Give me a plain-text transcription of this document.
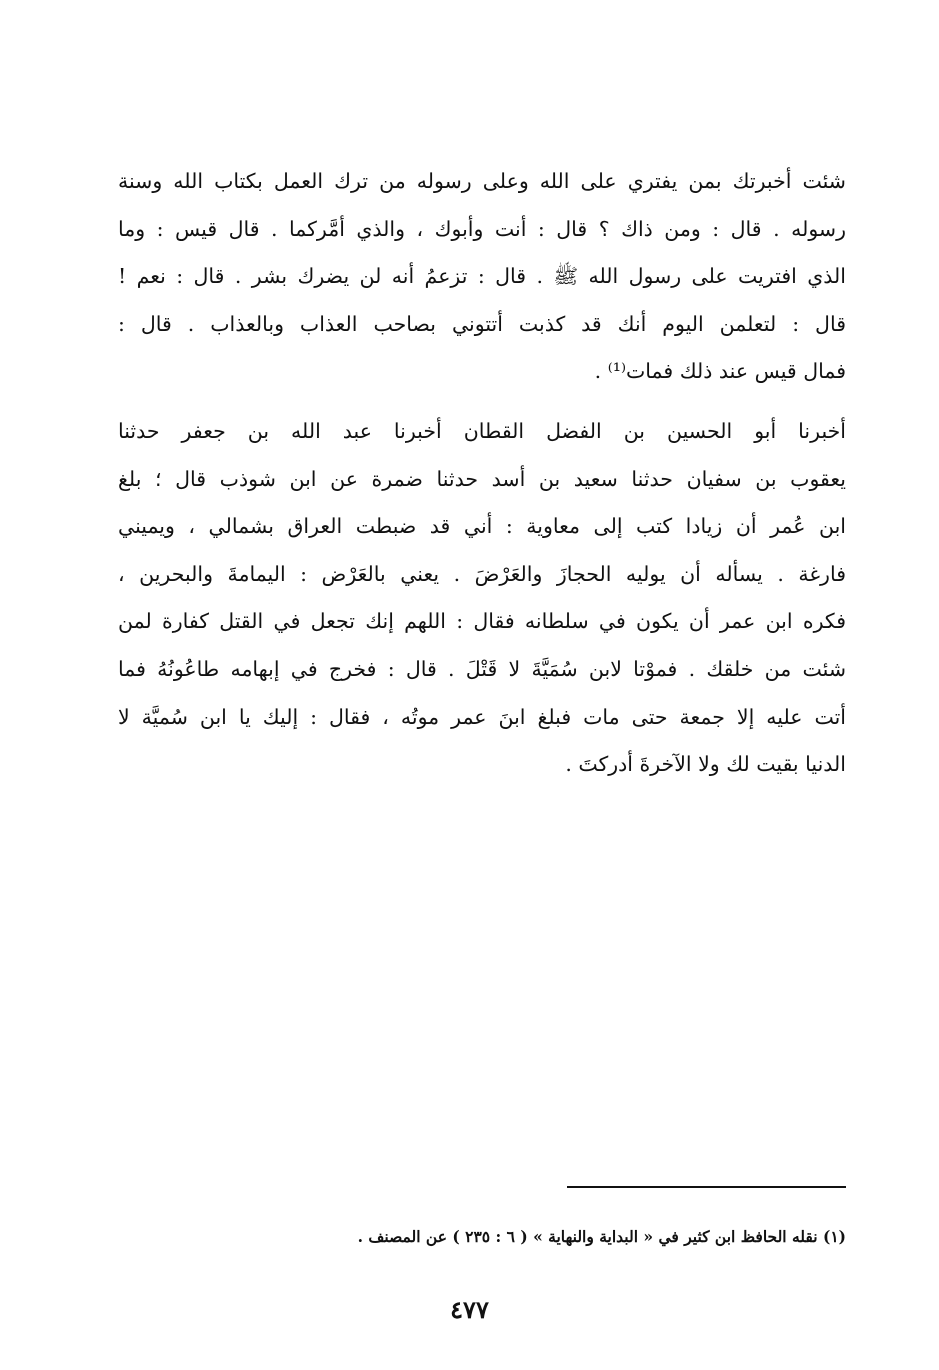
شئت أخبرتك بمن يفتري على الله وعلى رسوله من ترك العمل بكتاب الله وسنة
رسوله . قال : ومن ذاك ؟ قال : أنت وأبوك ، والذي أمَّركما . قال قيس : وما
الذي افتريت على رسول الله ﷺ . قال : تزعمُ أنه لن يضرك بشر . قال : نعم !
قال : لتعلمن اليوم أنك قد كذبت أتتوني بصاحب العذاب وبالعذاب . قال :
فمال قيس عند ذلك فمات⁽¹⁾ .
أخبرنا أبو الحسين بن الفضل القطان أخبرنا عبد الله بن جعفر حدثنا
يعقوب بن سفيان حدثنا سعيد بن أسد حدثنا ضمرة عن ابن شوذب قال ؛ بلغ
ابن عُمر أن زيادا كتب إلى معاوية : أني قد ضبطت العراق بشمالي ، ويميني
فارغة . يسأله أن يوليه الحجازَ والعَرْضَ . يعني بالعَرْض : اليمامةَ والبحرين ،
فكره ابن عمر أن يكون في سلطانه فقال : اللهم إنك تجعل في القتل كفارة لمن
شئت من خلقك . فموْتا لابن سُمَيَّةَ لا قَتْلَ . قال : فخرج في إبهامه طاعُونُهُ فما
أتت عليه إلا جمعة حتى مات فبلغ ابنَ عمر موتُه ، فقال : إليك يا ابن سُميَّة لا
الدنيا بقيت لك ولا الآخرةَ أدركتَ .
(١) نقله الحافظ ابن كثير في « البداية والنهاية » ( ٦ : ٢٣٥ ) عن المصنف .
٤٧٧
